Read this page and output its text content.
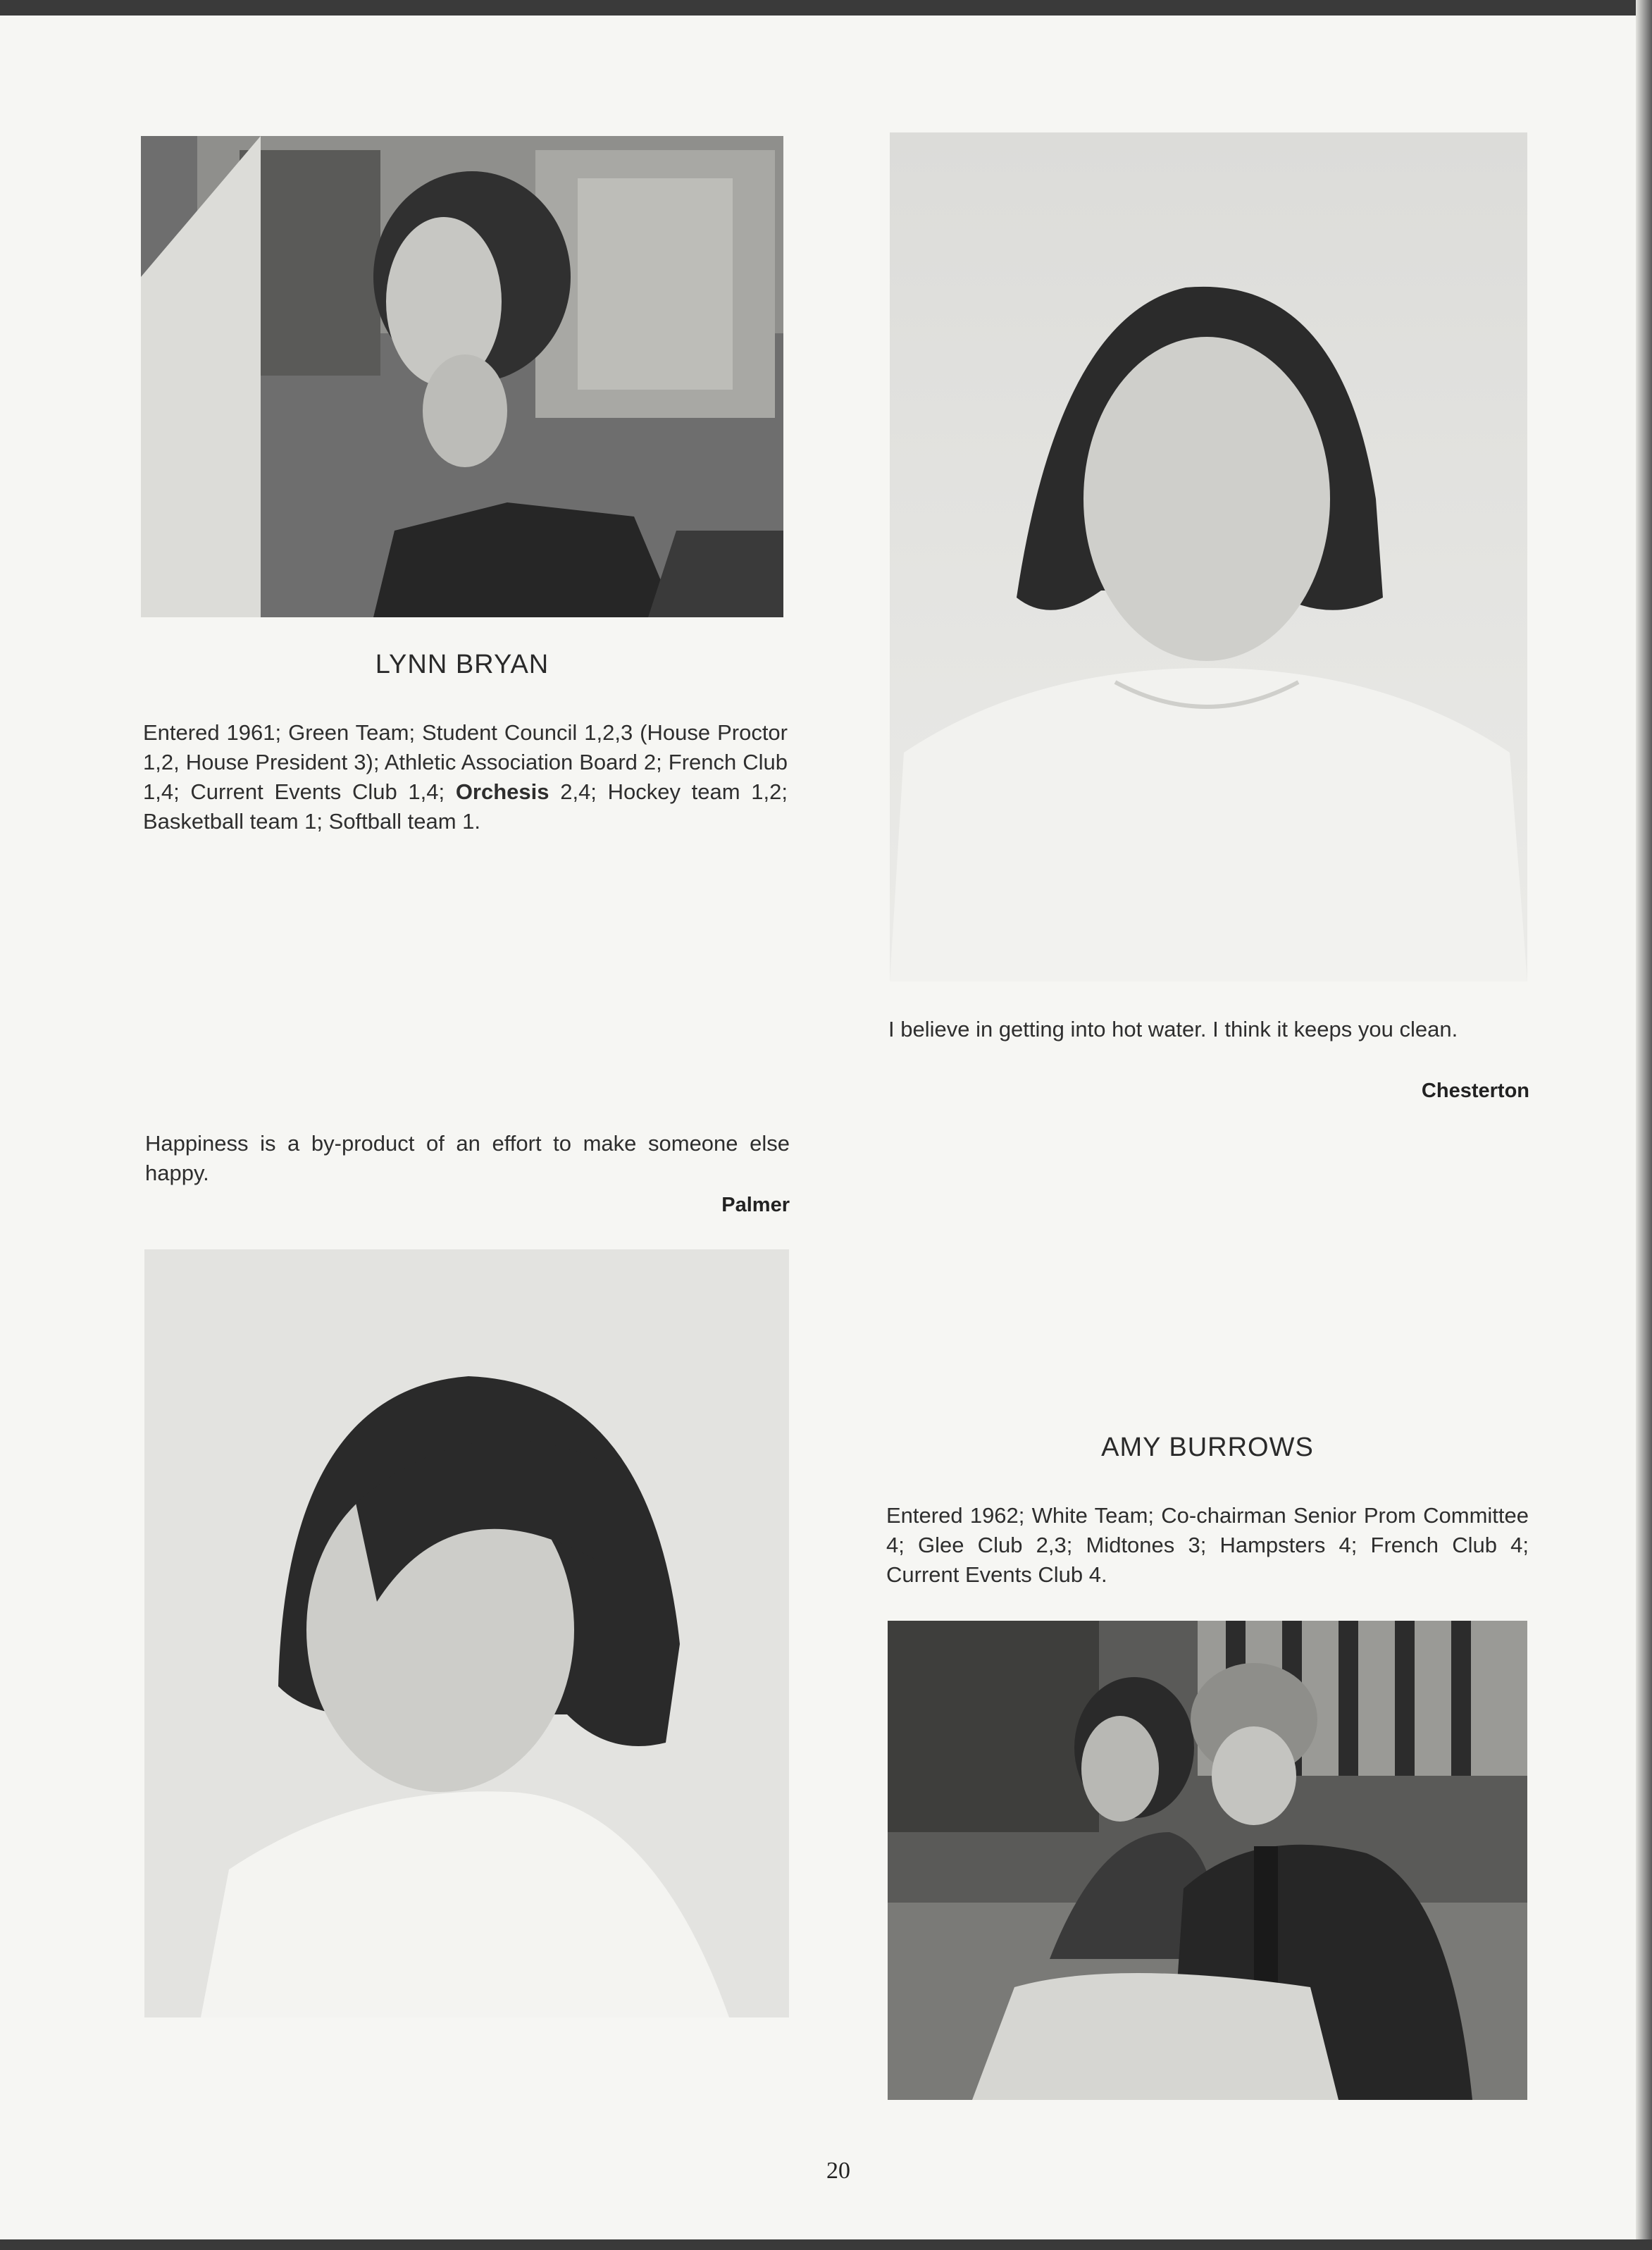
LYNN BRYAN
Entered 1961; Green Team; Student Council 1,2,3 (House Proctor 1,2, House President 3); Athletic Association Board 2; French Club 1,4; Current Events Club 1,4; Orchesis 2,4; Hockey team 1,2; Basketball team 1; Softball team 1.
I believe in getting into hot water. I think it keeps you clean.
Chesterton
Happiness is a by-product of an effort to make someone else happy.
Palmer
AMY BURROWS
Entered 1962; White Team; Co-chairman Senior Prom Committee 4; Glee Club 2,3; Midtones 3; Hampsters 4; French Club 4; Current Events Club 4.
20
